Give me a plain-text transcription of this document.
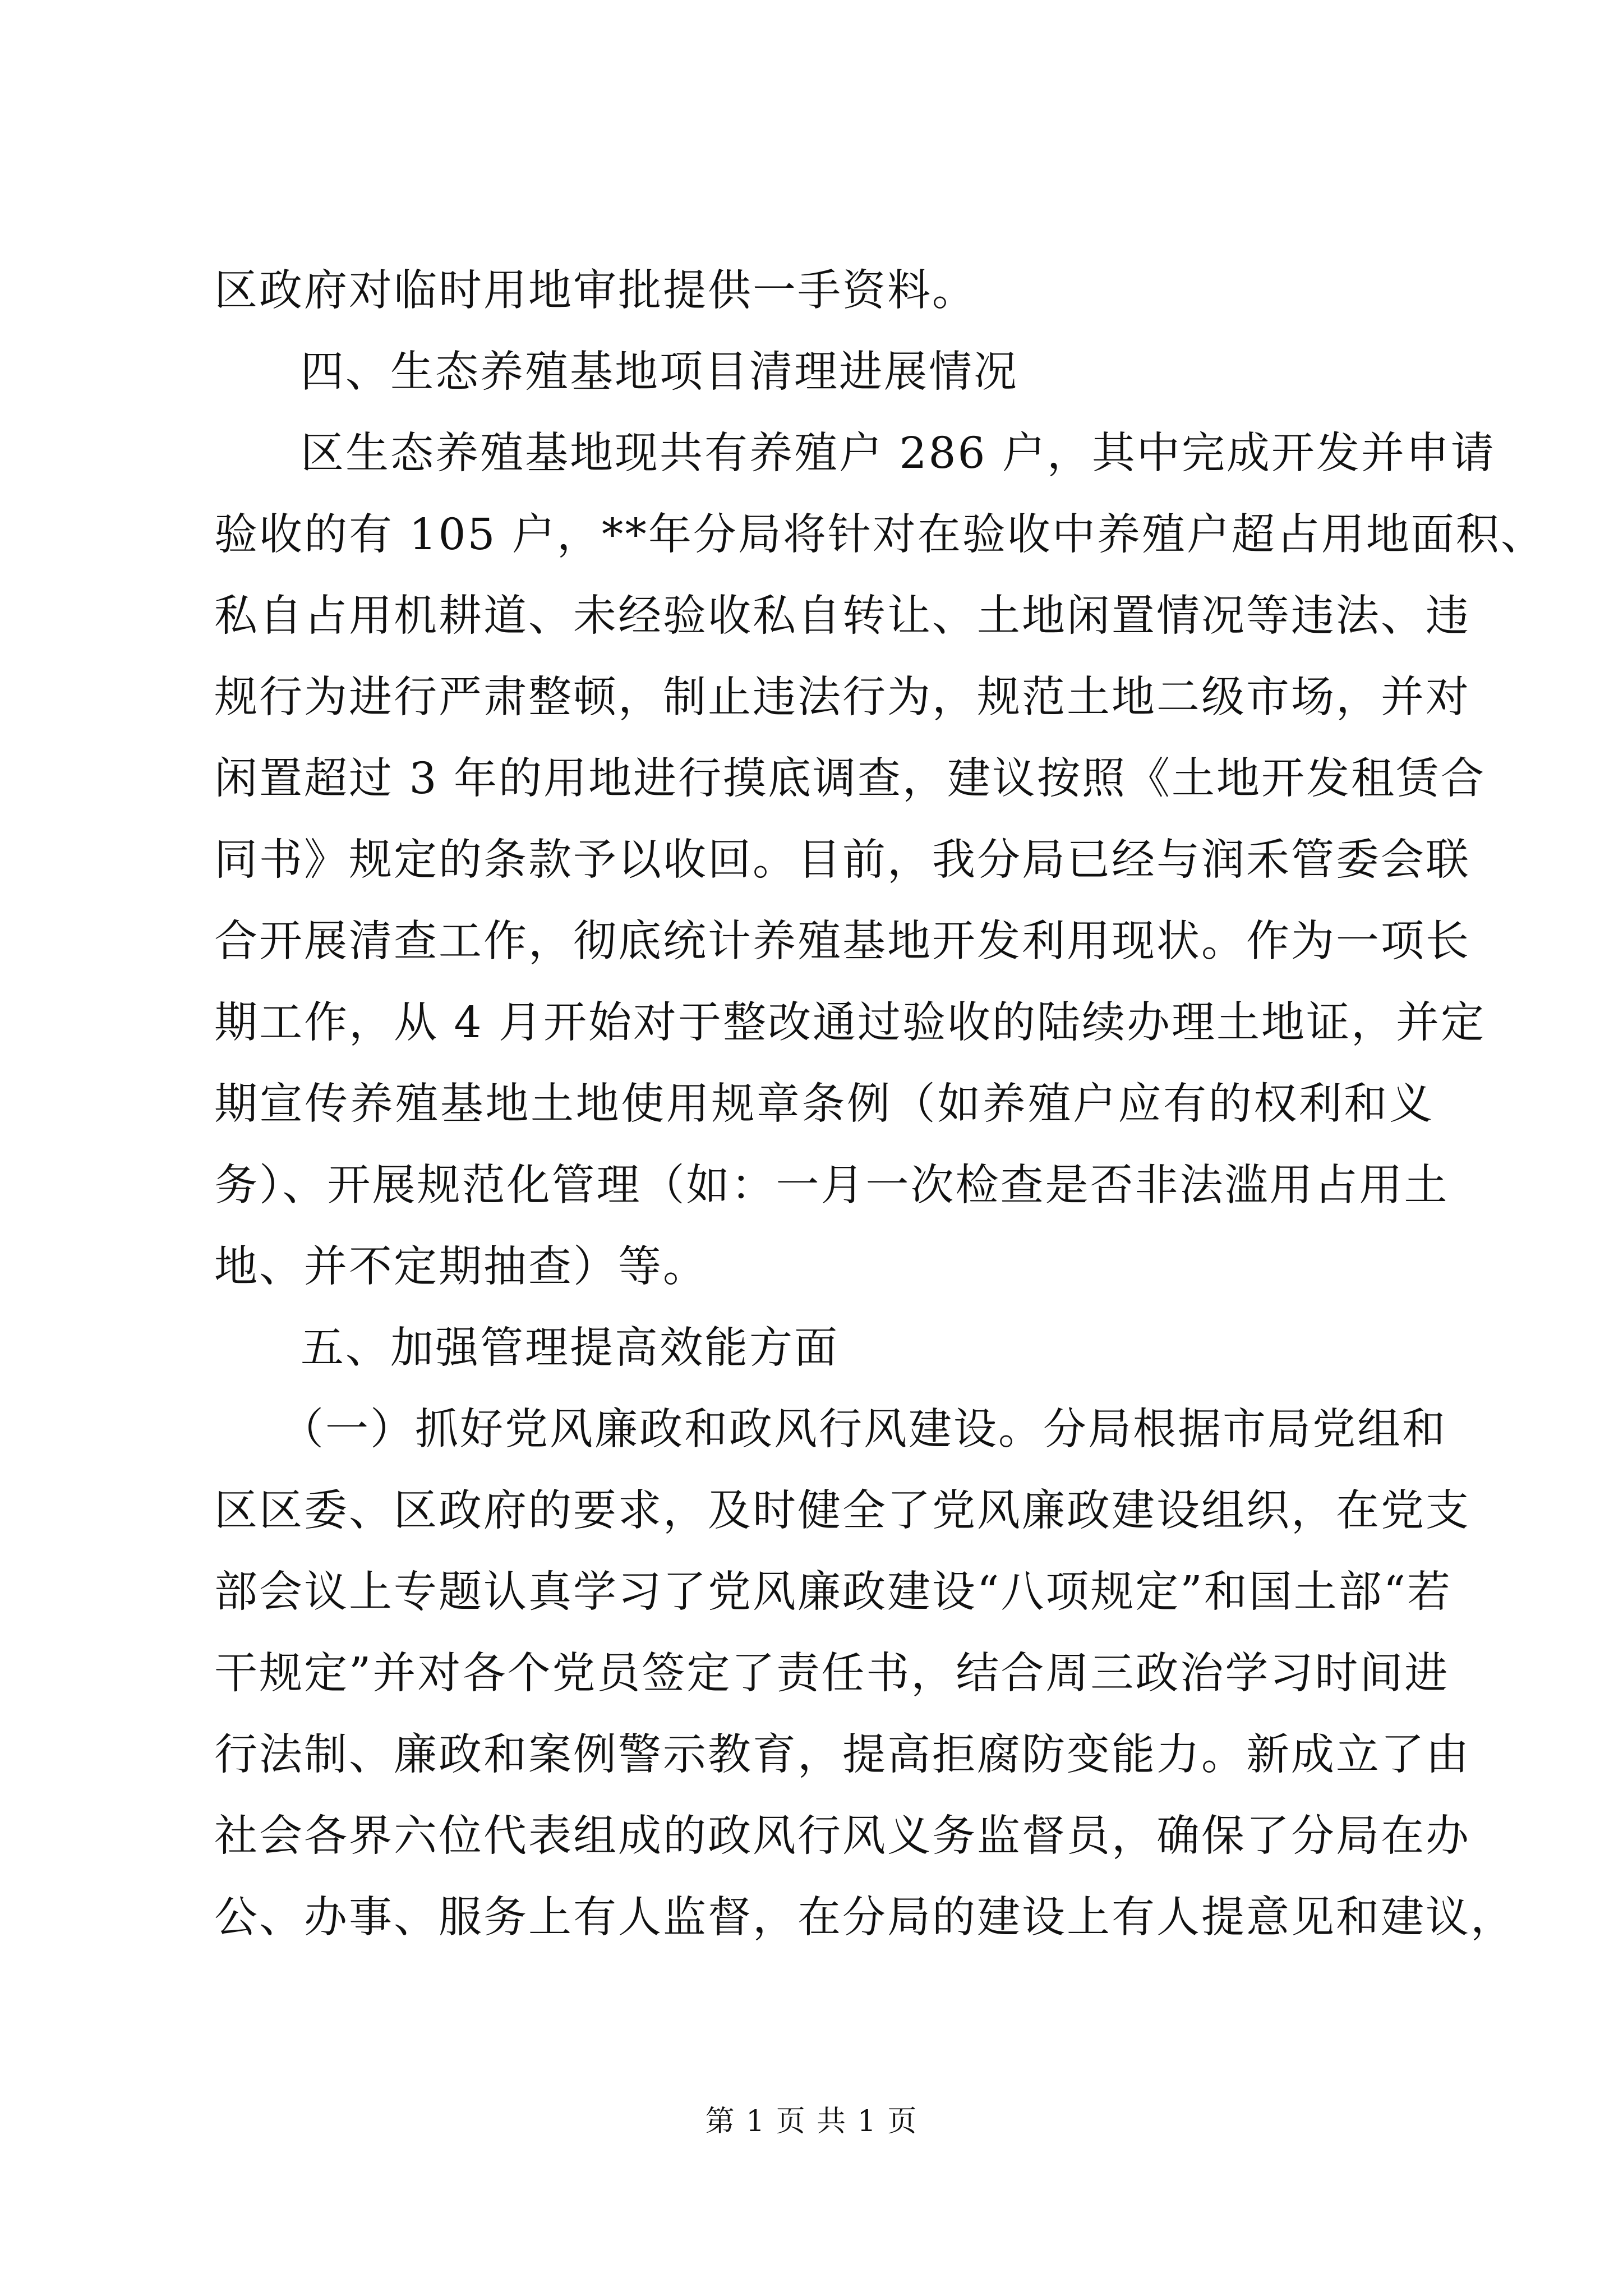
区政府对临时用地审批提供一手资料。
四、生态养殖基地项目清理进展情况
区生态养殖基地现共有养殖户 286 户，其中完成开发并申请
验收的有 105 户，**年分局将针对在验收中养殖户超占用地面积、
私自占用机耕道、未经验收私自转让、土地闲置情况等违法、违
规行为进行严肃整顿，制止违法行为，规范土地二级市场，并对
闲置超过 3 年的用地进行摸底调查，建议按照《土地开发租赁合
同书》规定的条款予以收回。目前，我分局已经与润禾管委会联
合开展清查工作，彻底统计养殖基地开发利用现状。作为一项长
期工作，从 4 月开始对于整改通过验收的陆续办理土地证，并定
期宣传养殖基地土地使用规章条例（如养殖户应有的权利和义
务）、开展规范化管理（如：一月一次检查是否非法滥用占用土
地、并不定期抽查）等。
五、加强管理提高效能方面
（一）抓好党风廉政和政风行风建设。分局根据市局党组和
区区委、区政府的要求，及时健全了党风廉政建设组织，在党支
部会议上专题认真学习了党风廉政建设“八项规定”和国土部“若
干规定”并对各个党员签定了责任书，结合周三政治学习时间进
行法制、廉政和案例警示教育，提高拒腐防变能力。新成立了由
社会各界六位代表组成的政风行风义务监督员，确保了分局在办
公、办事、服务上有人监督，在分局的建设上有人提意见和建议，
第 1 页 共 1 页
